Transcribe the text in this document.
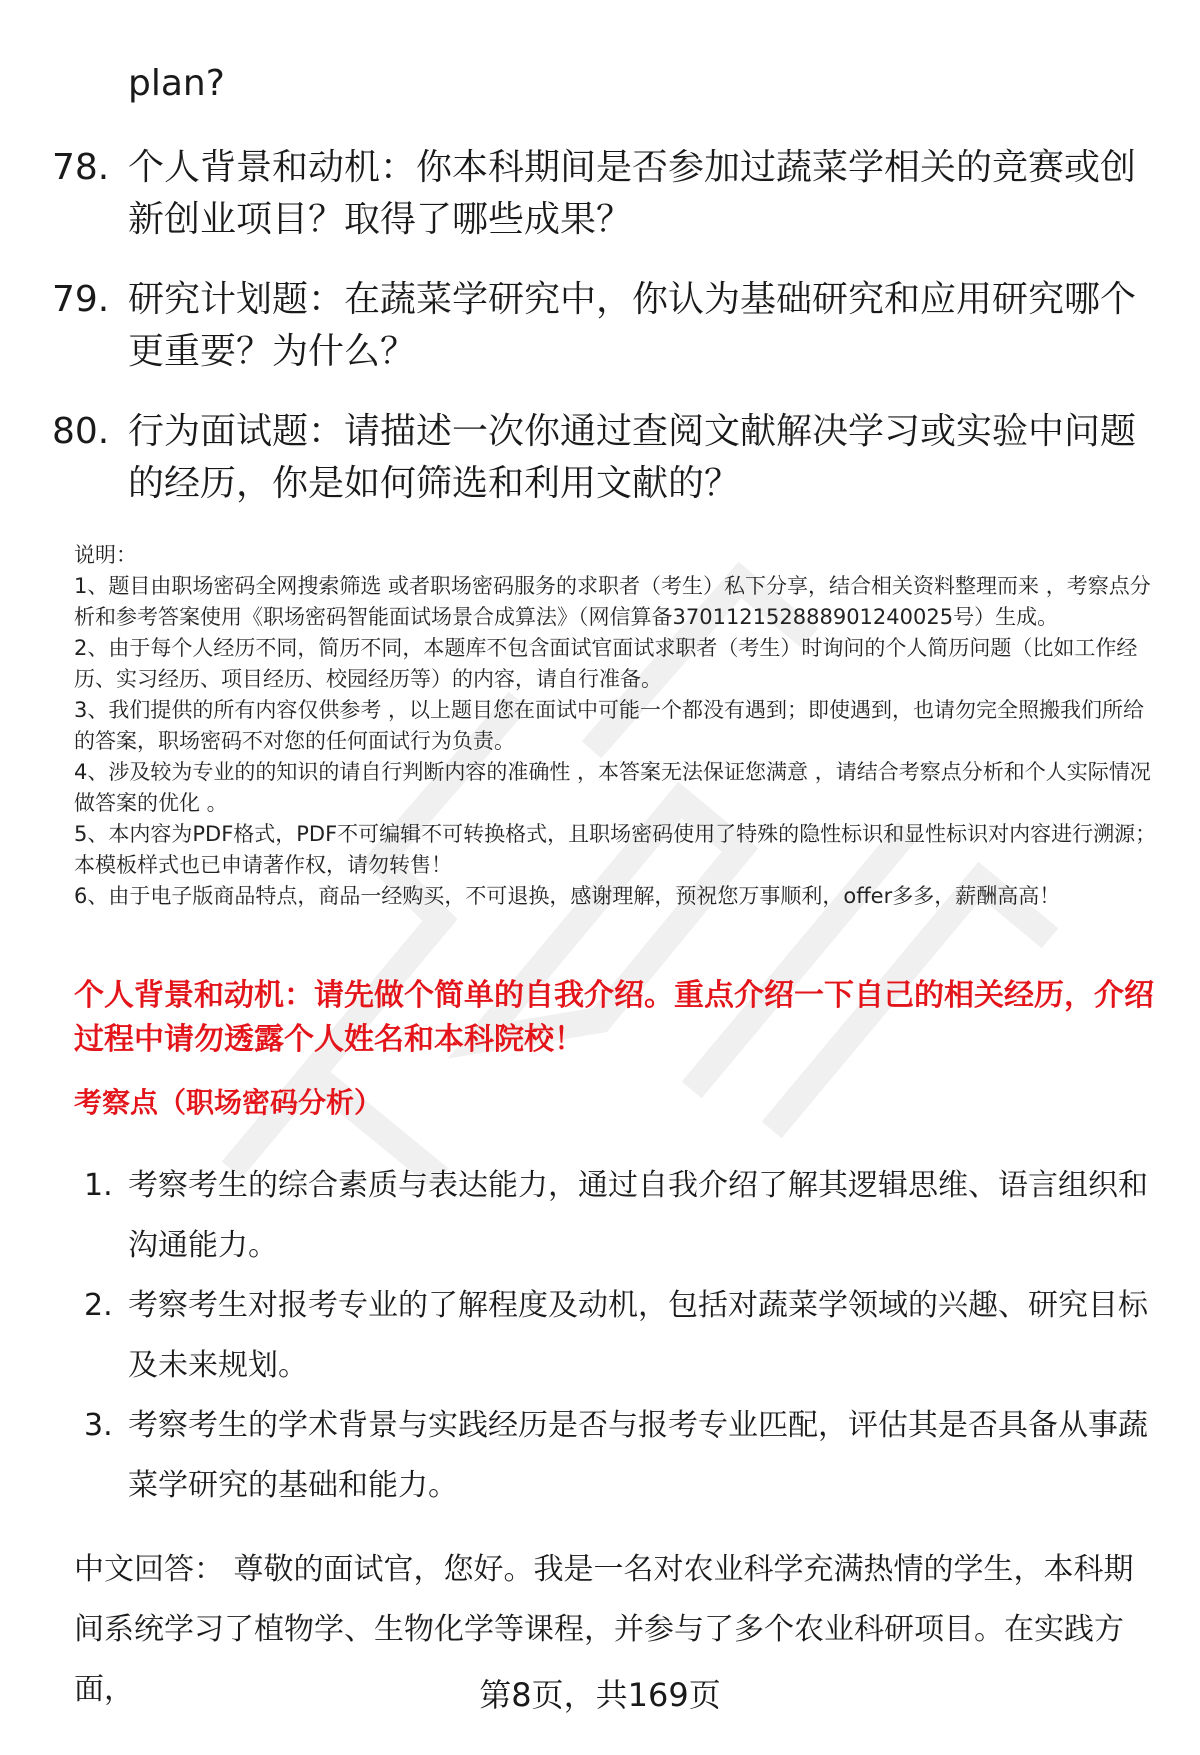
plan?
78. 个人背景和动机：你本科期间是否参加过蔬菜学相关的竞赛或创新创业项目？取得了哪些成果？
79. 研究计划题：在蔬菜学研究中，你认为基础研究和应用研究哪个更重要？为什么？
80. 行为面试题：请描述一次你通过查阅文献解决学习或实验中问题的经历，你是如何筛选和利用文献的？

说明：

1、题目由职场密码全网搜索筛选 或者职场密码服务的求职者（考生）私下分享，结合相关资料整理而来 ，考察点分析和参考答案使用《职场密码智能面试场景合成算法》（网信算备370112152888901240025号）生成。

2、由于每个人经历不同，简历不同，本题库不包含面试官面试求职者（考生）时询问的个人简历问题（比如工作经历、实习经历、项目经历、校园经历等）的内容，请自行准备。

3、我们提供的所有内容仅供参考 ，以上题目您在面试中可能一个都没有遇到；即使遇到，也请勿完全照搬我们所给的答案，职场密码不对您的任何面试行为负责。

4、涉及较为专业的的知识的请自行判断内容的准确性 ，本答案无法保证您满意 ，请结合考察点分析和个人实际情况做答案的优化 。

5、本内容为PDF格式，PDF不可编辑不可转换格式，且职场密码使用了特殊的隐性标识和显性标识对内容进行溯源；本模板样式也已申请著作权，请勿转售！

6、由于电子版商品特点，商品一经购买，不可退换，感谢理解，预祝您万事顺利，offer多多，薪酬高高！

个人背景和动机：请先做个简单的自我介绍。重点介绍一下自己的相关经历，介绍过程中请勿透露个人姓名和本科院校！
考察点（职场密码分析）
1. 考察考生的综合素质与表达能力，通过自我介绍了解其逻辑思维、语言组织和沟通能力。
2. 考察考生对报考专业的了解程度及动机，包括对蔬菜学领域的兴趣、研究目标及未来规划。
3. 考察考生的学术背景与实践经历是否与报考专业匹配，评估其是否具备从事蔬菜学研究的基础和能力。
中文回答： 尊敬的面试官，您好。我是一名对农业科学充满热情的学生，本科期间系统学习了植物学、生物化学等课程，并参与了多个农业科研项目。在实践方面，	第8页，共169页
